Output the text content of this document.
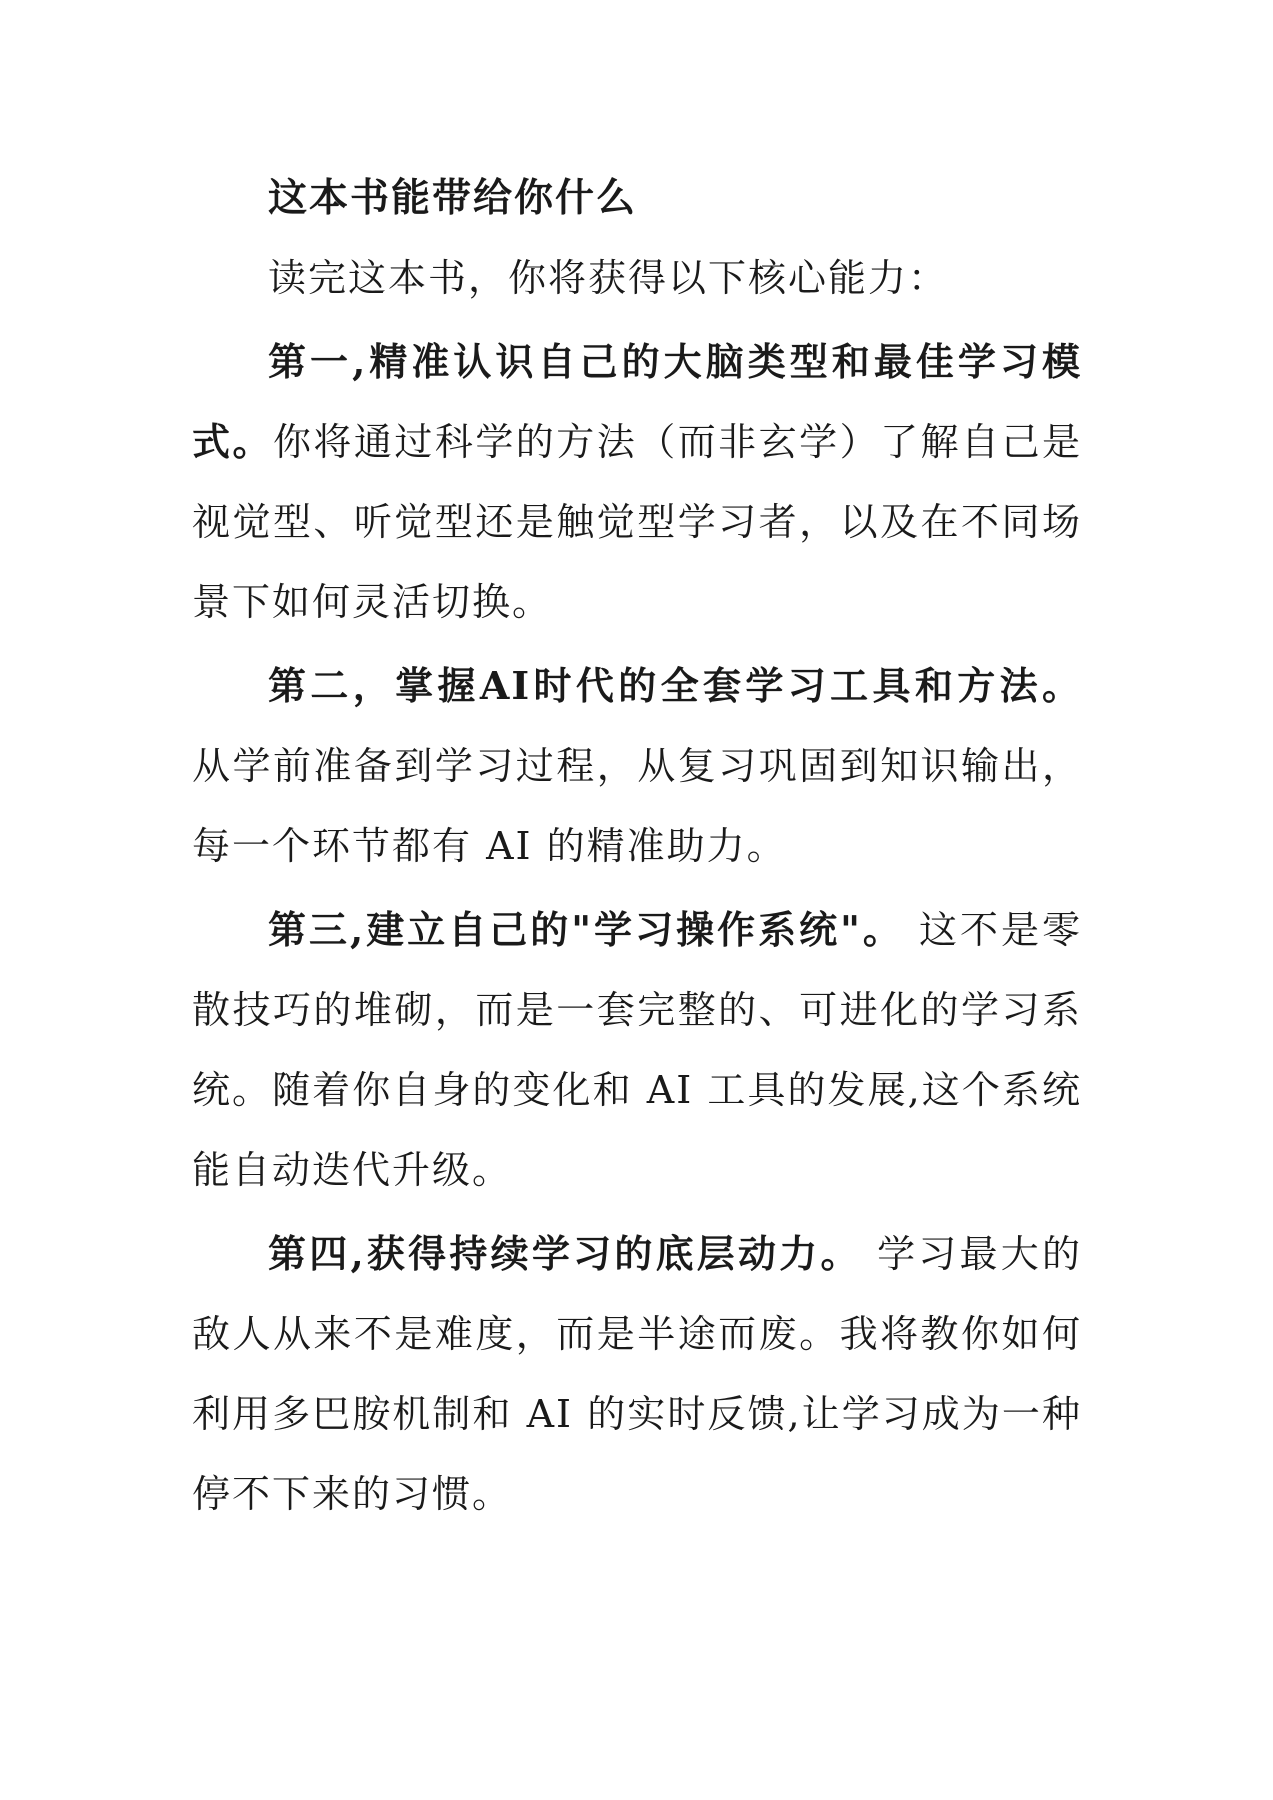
这本书能带给你什么

读完这本书，你将获得以下核心能力：

第一,精准认识自己的大脑类型和最佳学习模式。你将通过科学的方法（而非玄学）了解自己是视觉型、听觉型还是触觉型学习者，以及在不同场景下如何灵活切换。

第二，掌握AI时代的全套学习工具和方法。 从学前准备到学习过程，从复习巩固到知识输出，每一个环节都有 AI 的精准助力。

第三,建立自己的"学习操作系统"。 这不是零散技巧的堆砌，而是一套完整的、可进化的学习系统。随着你自身的变化和 AI 工具的发展,这个系统能自动迭代升级。

第四,获得持续学习的底层动力。 学习最大的敌人从来不是难度，而是半途而废。我将教你如何利用多巴胺机制和 AI 的实时反馈,让学习成为一种停不下来的习惯。
